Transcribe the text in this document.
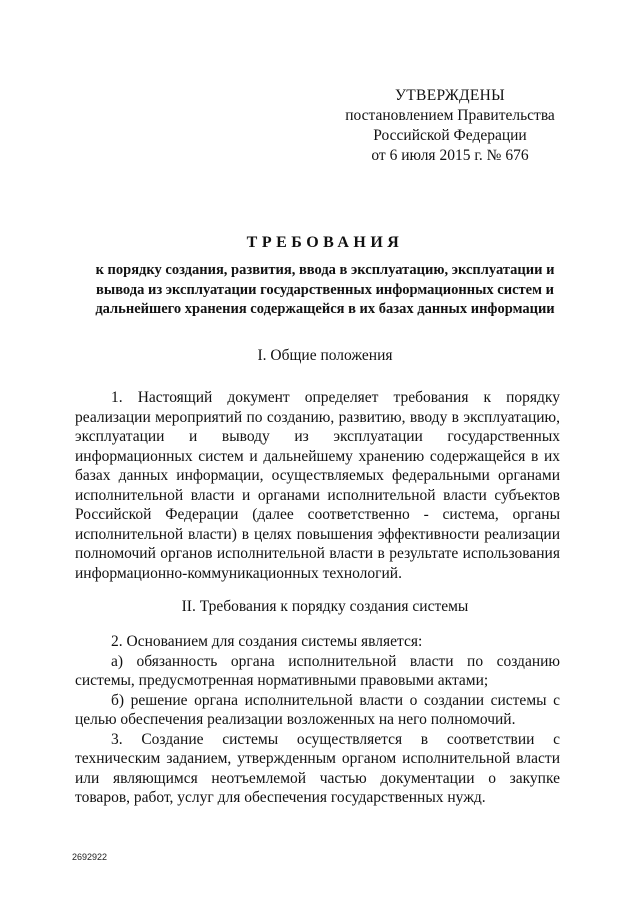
УТВЕРЖДЕНЫ
постановлением Правительства
Российской Федерации
от 6 июля 2015 г. № 676
ТРЕБОВАНИЯ
к порядку создания, развития, ввода в эксплуатацию, эксплуатации и
вывода из эксплуатации государственных информационных систем и
дальнейшего хранения содержащейся в их базах данных информации
I. Общие положения

1. Настоящий документ определяет требования к порядку реализации мероприятий по созданию, развитию, вводу в эксплуатацию, эксплуатации и выводу из эксплуатации государственных информационных систем и дальнейшему хранению содержащейся в их базах данных информации, осуществляемых федеральными органами исполнительной власти и органами исполнительной власти субъектов Российской Федерации (далее соответственно - система, органы исполнительной власти) в целях повышения эффективности реализации полномочий органов исполнительной власти в результате использования информационно-коммуникационных технологий.

II. Требования к порядку создания системы

2. Основанием для создания системы является:

а) обязанность органа исполнительной власти по созданию системы, предусмотренная нормативными правовыми актами;

б) решение органа исполнительной власти о создании системы с целью обеспечения реализации возложенных на него полномочий.

3. Создание системы осуществляется в соответствии с техническим заданием, утвержденным органом исполнительной власти или являющимся неотъемлемой частью документации о закупке товаров, работ, услуг для обеспечения государственных нужд.

2692922
